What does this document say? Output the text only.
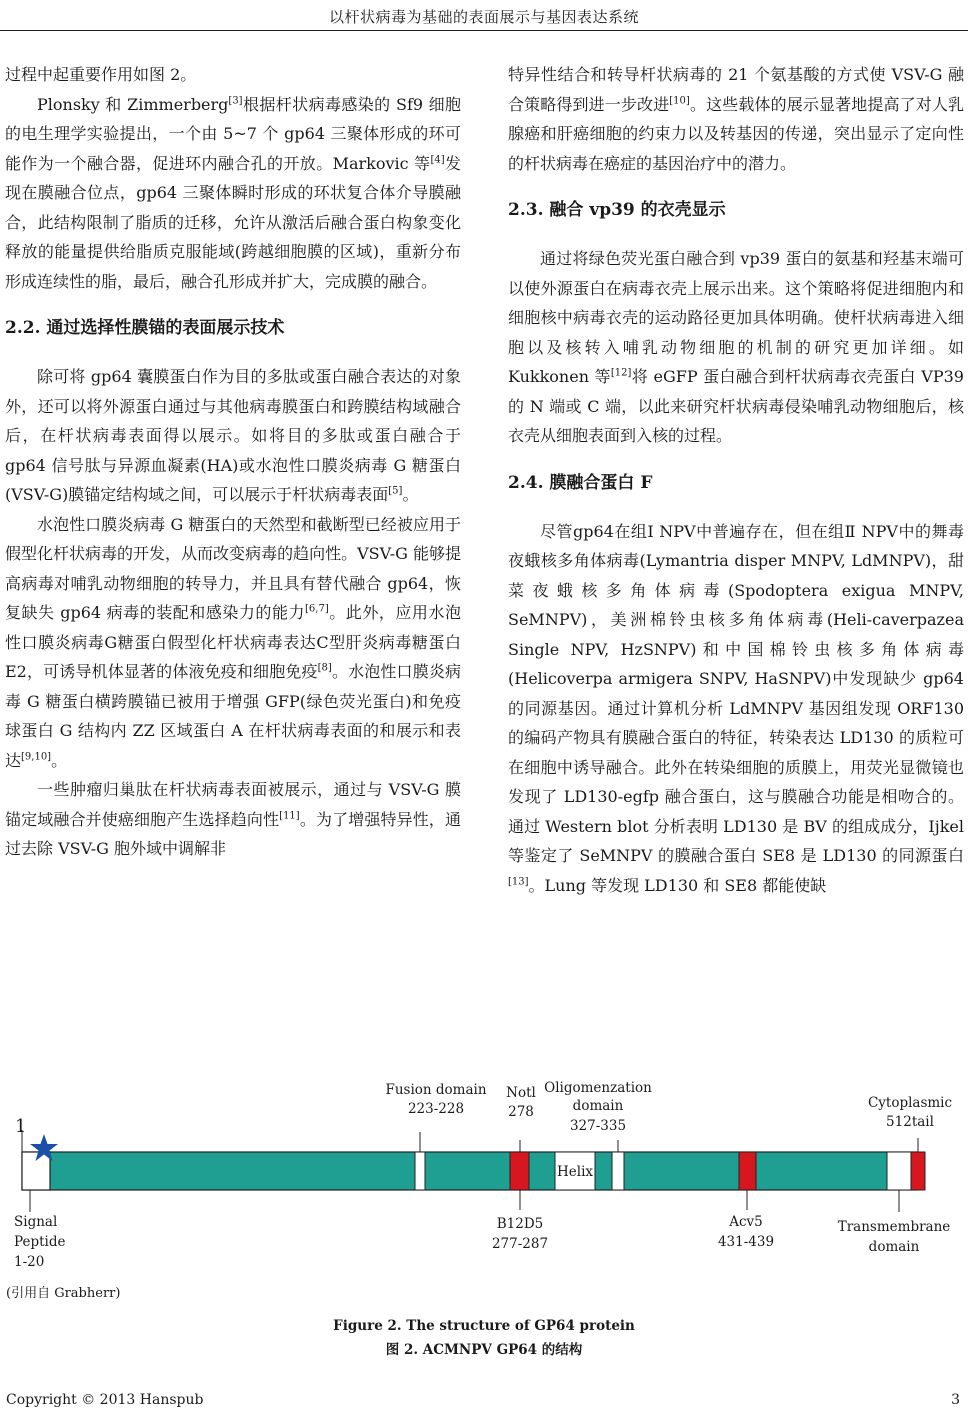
以杆状病毒为基础的表面展示与基因表达系统

过程中起重要作用如图 2。

Plonsky 和 Zimmerberg[3]根据杆状病毒感染的 Sf9 细胞的电生理学实验提出，一个由 5~7 个 gp64 三聚体形成的环可能作为一个融合器，促进环内融合孔的开放。Markovic 等[4]发现在膜融合位点，gp64 三聚体瞬时形成的环状复合体介导膜融合，此结构限制了脂质的迁移，允许从激活后融合蛋白构象变化释放的能量提供给脂质克服能域(跨越细胞膜的区域)，重新分布形成连续性的脂，最后，融合孔形成并扩大，完成膜的融合。

2.2. 通过选择性膜锚的表面展示技术

除可将 gp64 囊膜蛋白作为目的多肽或蛋白融合表达的对象外，还可以将外源蛋白通过与其他病毒膜蛋白和跨膜结构域融合后，在杆状病毒表面得以展示。如将目的多肽或蛋白融合于 gp64 信号肽与异源血凝素(HA)或水泡性口膜炎病毒 G 糖蛋白(VSV-G)膜锚定结构域之间，可以展示于杆状病毒表面[5]。

水泡性口膜炎病毒 G 糖蛋白的天然型和截断型已经被应用于假型化杆状病毒的开发，从而改变病毒的趋向性。VSV-G 能够提高病毒对哺乳动物细胞的转导力，并且具有替代融合 gp64，恢复缺失 gp64 病毒的装配和感染力的能力[6,7]。此外，应用水泡性口膜炎病毒G糖蛋白假型化杆状病毒表达C型肝炎病毒糖蛋白 E2，可诱导机体显著的体液免疫和细胞免疫[8]。水泡性口膜炎病毒 G 糖蛋白横跨膜锚已被用于增强 GFP(绿色荧光蛋白)和免疫球蛋白 G 结构内 ZZ 区域蛋白 A 在杆状病毒表面的和展示和表达[9,10]。

一些肿瘤归巢肽在杆状病毒表面被展示，通过与 VSV-G 膜锚定域融合并使癌细胞产生选择趋向性[11]。为了增强特异性，通过去除 VSV-G 胞外域中调解非

特异性结合和转导杆状病毒的 21 个氨基酸的方式使 VSV-G 融合策略得到进一步改进[10]。这些载体的展示显著地提高了对人乳腺癌和肝癌细胞的约束力以及转基因的传递，突出显示了定向性的杆状病毒在癌症的基因治疗中的潜力。

2.3. 融合 vp39 的衣壳显示

通过将绿色荧光蛋白融合到 vp39 蛋白的氨基和羟基末端可以使外源蛋白在病毒衣壳上展示出来。这个策略将促进细胞内和细胞核中病毒衣壳的运动路径更加具体明确。使杆状病毒进入细胞以及核转入哺乳动物细胞的机制的研究更加详细。如 Kukkonen 等[12]将 eGFP 蛋白融合到杆状病毒衣壳蛋白 VP39 的 N 端或 C 端，以此来研究杆状病毒侵染哺乳动物细胞后，核衣壳从细胞表面到入核的过程。

2.4. 膜融合蛋白 F

尽管gp64在组I NPV中普遍存在，但在组Ⅱ NPV中的舞毒夜蛾核多角体病毒(Lymantria disper MNPV, LdMNPV)，甜菜夜蛾核多角体病毒(Spodoptera exigua MNPV, SeMNPV)，美洲棉铃虫核多角体病毒(Heli-caverpazea Single NPV, HzSNPV)和中国棉铃虫核多角体病毒(Helicoverpa armigera SNPV, HaSNPV)中发现缺少 gp64 的同源基因。通过计算机分析 LdMNPV 基因组发现 ORF130 的编码产物具有膜融合蛋白的特征，转染表达 LD130 的质粒可在细胞中诱导融合。此外在转染细胞的质膜上，用荧光显微镜也发现了 LD130-egfp 融合蛋白，这与膜融合功能是相吻合的。通过 Western blot 分析表明 LD130 是 BV 的组成成分，Ijkel 等鉴定了 SeMNPV 的膜融合蛋白 SE8 是 LD130 的同源蛋白[13]。Lung 等发现 LD130 和 SE8 都能使缺

Helix
1
Fusion domain
223-228
Notl
278
Oligomenzation
domain
327-335
Cytoplasmic
512tail
Signal
Peptide
1-20
B12D5
277-287
Acv5
431-439
Transmembrane
domain
(引用自 Grabherr)
Figure 2. The structure of GP64 protein
图 2. ACMNPV GP64 的结构
Copyright © 2013 Hanspub	3
